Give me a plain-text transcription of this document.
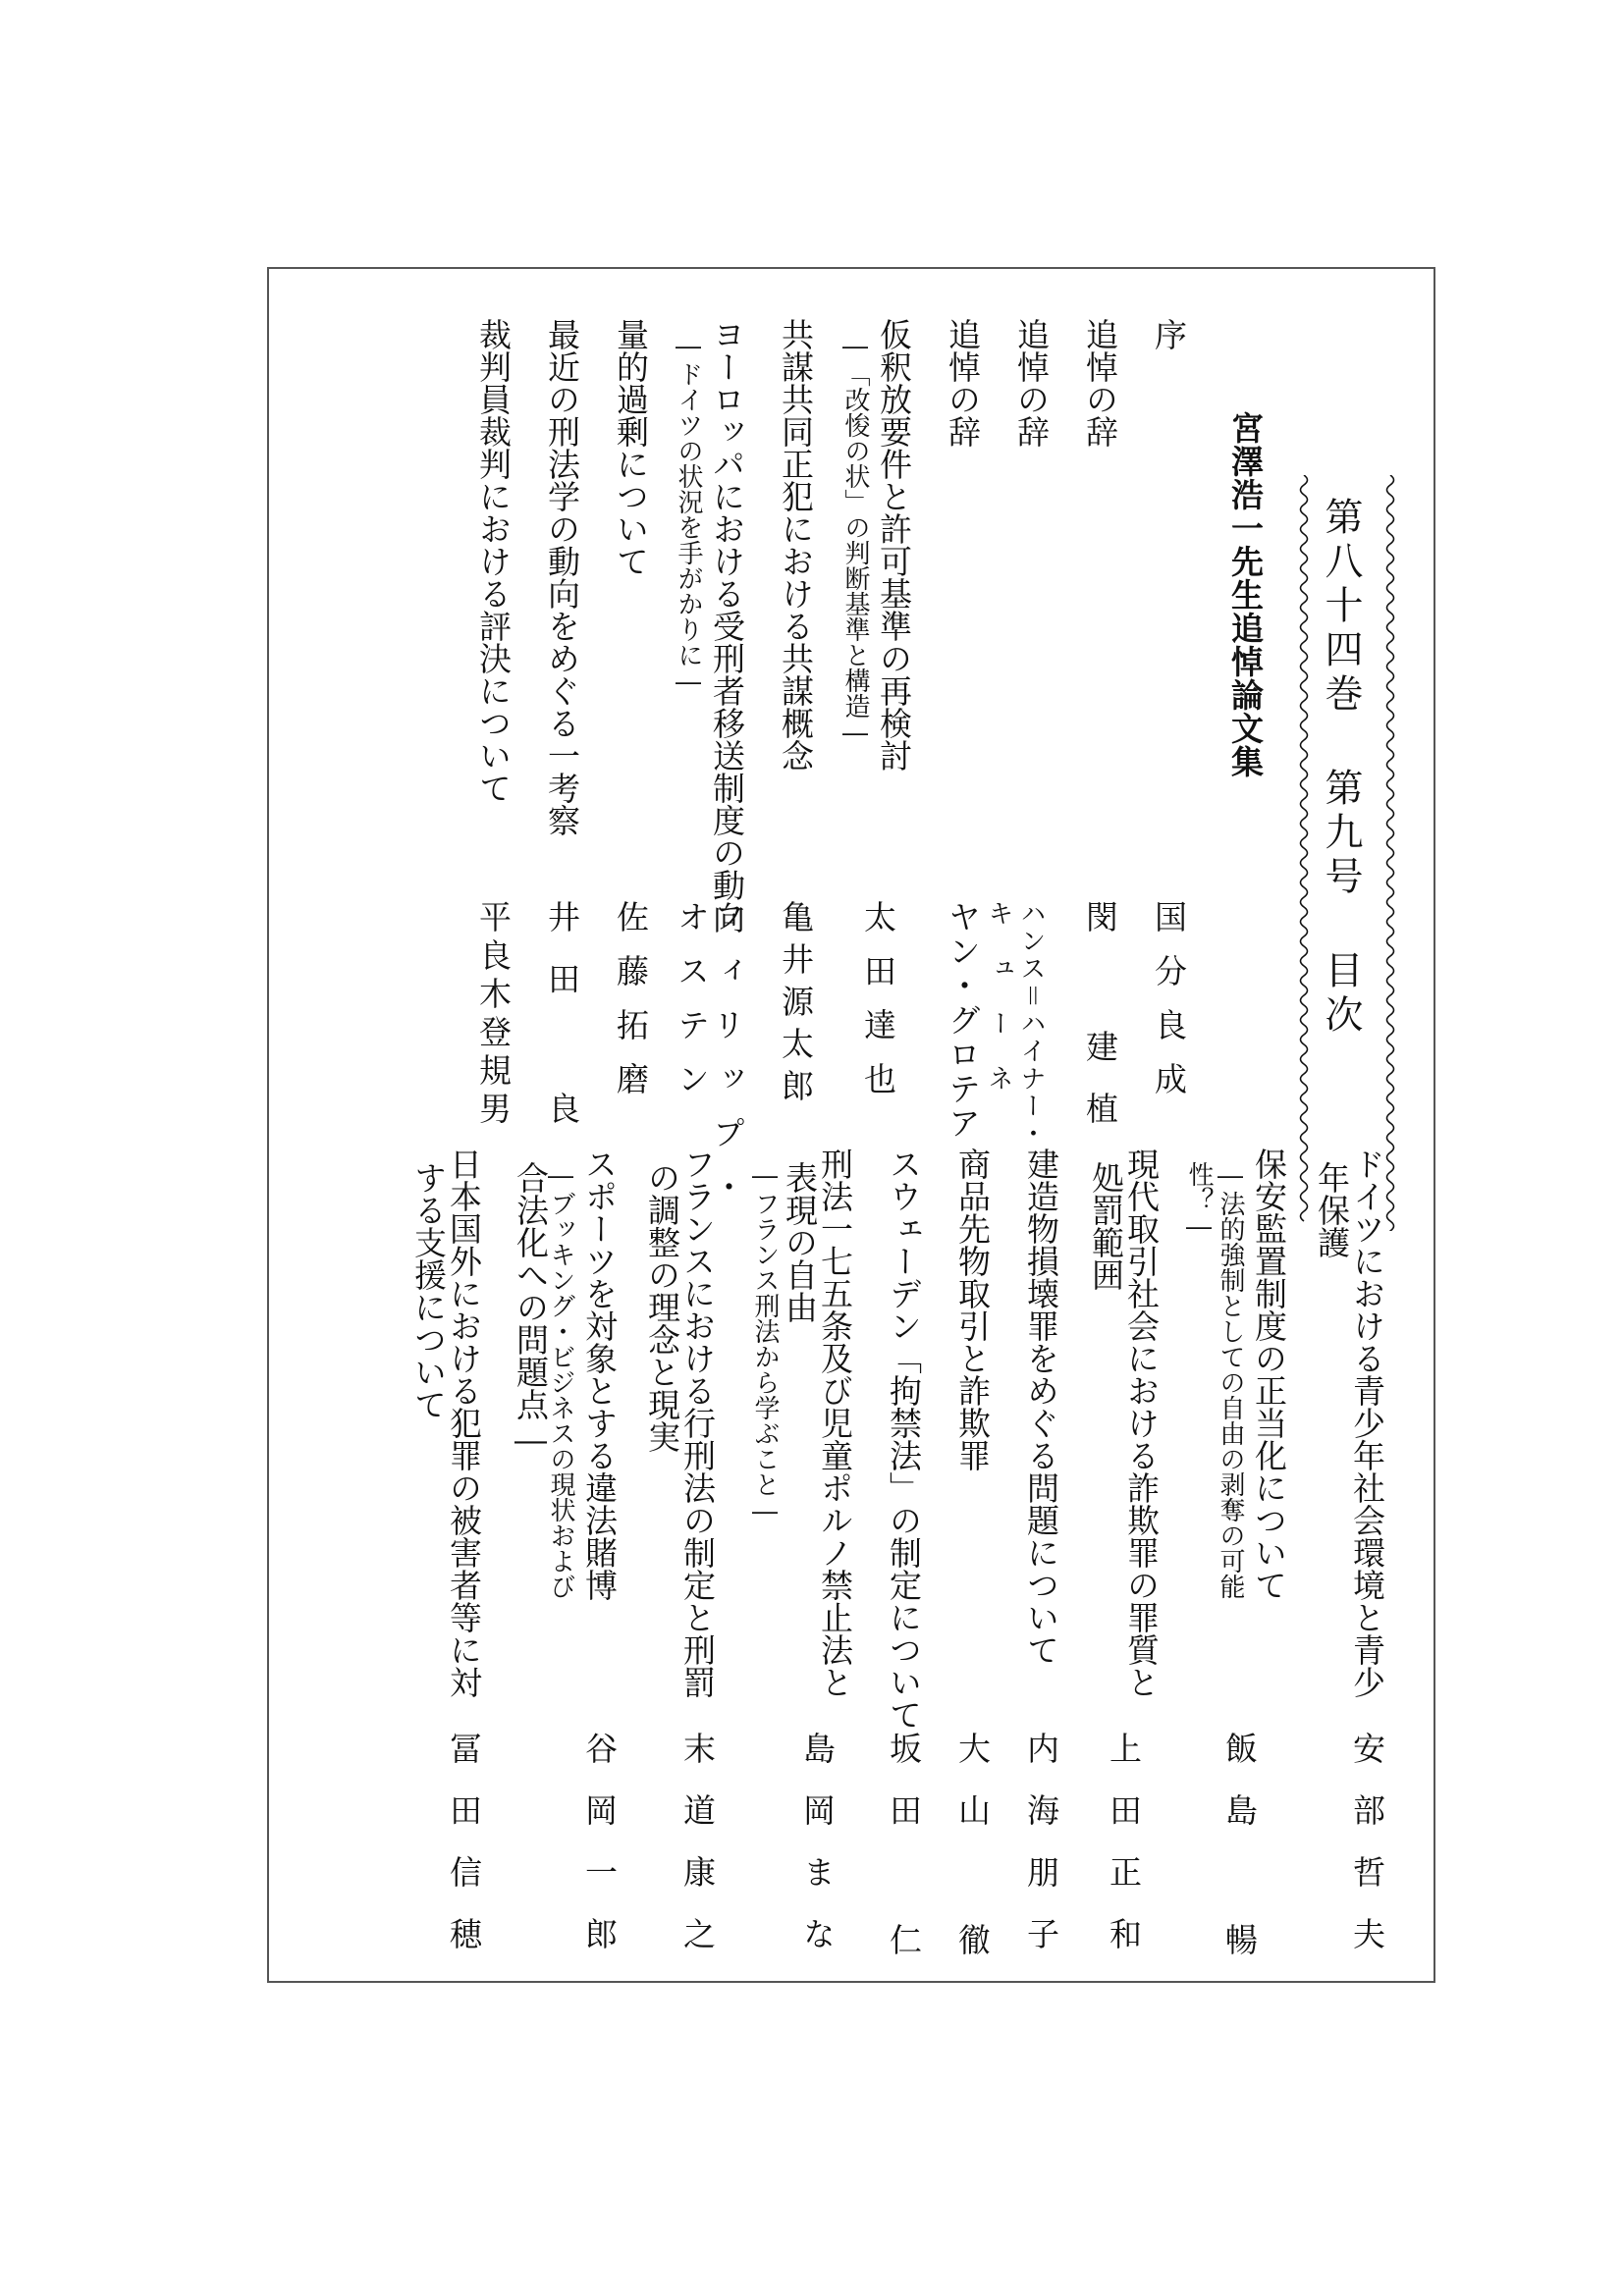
第八十四巻 第九号 目次
宮澤浩一先生追悼論文集
序
追悼の辞
追悼の辞
追悼の辞
仮釈放要件と許可基準の再検討
―「改悛の状」の判断基準と構造―
共謀共同正犯における共謀概念
ヨーロッパにおける受刑者移送制度の動向
―ドイツの状況を手がかりに―
量的過剰について
最近の刑法学の動向をめぐる一考察
裁判員裁判における評決について
国分良成
閔 建植
ハンス＝ハイナー・
キューネ
ヤン・グロテア
太田達也
亀井源太郎
フィリップ・
オステン
佐藤拓磨
井田 良
平良木登規男
ドイツにおける青少年社会環境と青少
年保護
保安監置制度の正当化について
―法的強制としての自由の剥奪の可能
性？―
現代取引社会における詐欺罪の罪質と
処罰範囲
建造物損壊罪をめぐる問題について
商品先物取引と詐欺罪
スウェーデン「拘禁法」の制定について
刑法一七五条及び児童ポルノ禁止法と
表現の自由
―フランス刑法から学ぶこと―
フランスにおける行刑法の制定と刑罰
の調整の理念と現実
スポーツを対象とする違法賭博
―ブッキング・ビジネスの現状および
合法化への問題点―
日本国外における犯罪の被害者等に対
する支援について
安部哲夫
飯島 暢
上田正和
内海朋子
大山 徹
坂田 仁
島岡まな
末道康之
谷岡一郎
冨田信穂
